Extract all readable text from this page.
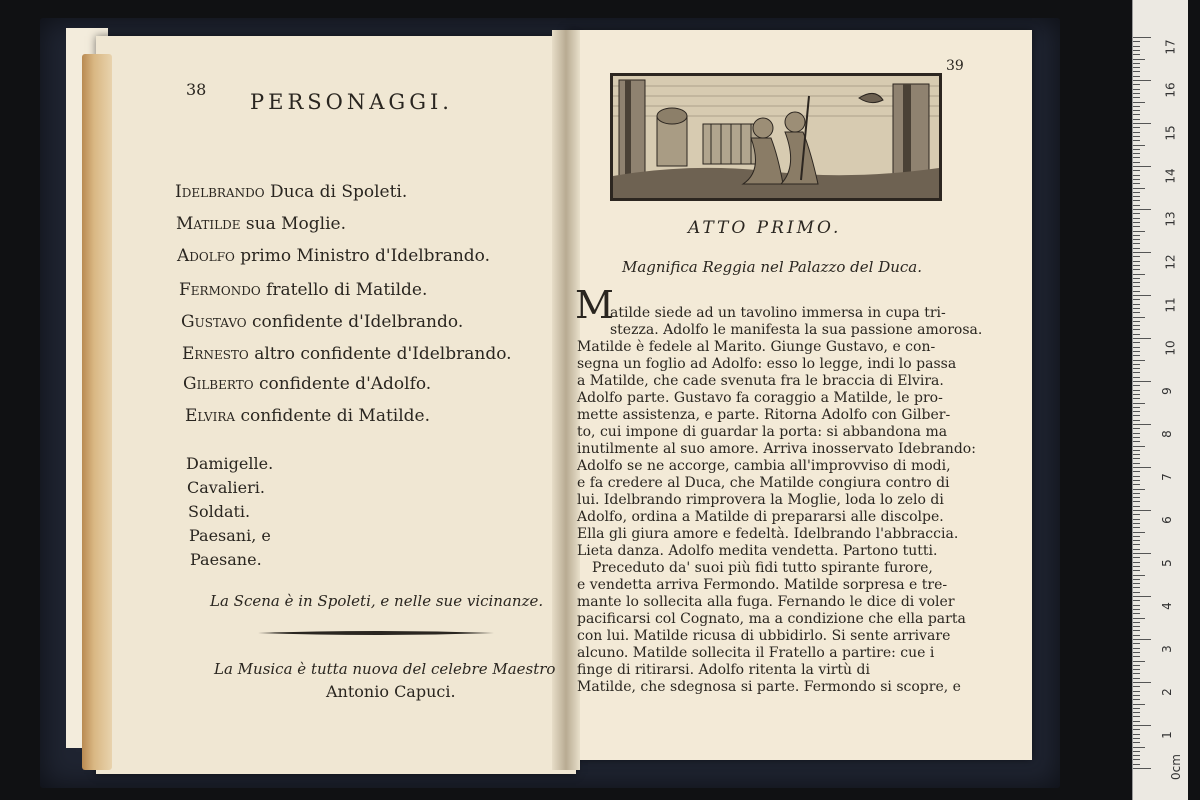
38
PERSONAGGI.
Idelbrando Duca di Spoleti.
Matilde sua Moglie.
Adolfo primo Ministro d'Idelbrando.
Fermondo fratello di Matilde.
Gustavo confidente d'Idelbrando.
Ernesto altro confidente d'Idelbrando.
Gilberto confidente d'Adolfo.
Elvira confidente di Matilde.
Damigelle.
Cavalieri.
Soldati.
Paesani, e
Paesane.
La Scena è in Spoleti, e nelle sue vicinanze.
La Musica è tutta nuova del celebre Maestro
Antonio Capuci.
39
ATTO PRIMO.
Magnifica Reggia nel Palazzo del Duca.
M
atilde siede ad un tavolino immersa in cupa tri-
stezza. Adolfo le manifesta la sua passione amorosa.
Matilde è fedele al Marito. Giunge Gustavo, e con-
segna un foglio ad Adolfo: esso lo legge, indi lo passa
a Matilde, che cade svenuta fra le braccia di Elvira.
Adolfo parte. Gustavo fa coraggio a Matilde, le pro-
mette assistenza, e parte. Ritorna Adolfo con Gilber-
to, cui impone di guardar la porta: si abbandona ma
inutilmente al suo amore. Arriva inosservato Idebrando:
Adolfo se ne accorge, cambia all'improvviso di modi,
e fa credere al Duca, che Matilde congiura contro di
lui. Idelbrando rimprovera la Moglie, loda lo zelo di
Adolfo, ordina a Matilde di prepararsi alle discolpe.
Ella gli giura amore e fedeltà. Idelbrando l'abbraccia.
Lieta danza. Adolfo medita vendetta. Partono tutti.
Preceduto da' suoi più fidi tutto spirante furore,
e vendetta arriva Fermondo. Matilde sorpresa e tre-
mante lo sollecita alla fuga. Fernando le dice di voler
pacificarsi col Cognato, ma a condizione che ella parta
con lui. Matilde ricusa di ubbidirlo. Si sente arrivare
alcuno. Matilde sollecita il Fratello a partire: cue i
finge di ritirarsi. Adolfo ritenta la virtù di
Matilde, che sdegnosa si parte. Fermondo si scopre, e
0cm
1
2
3
4
5
6
7
8
9
10
11
12
13
14
15
16
17
